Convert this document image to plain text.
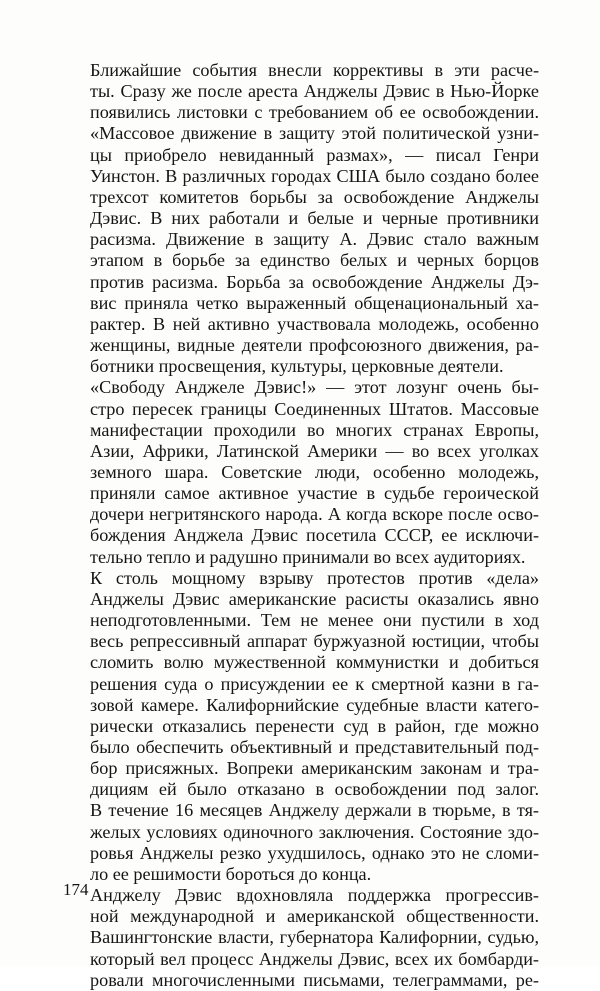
Ближайшие события внесли коррективы в эти расче-
ты. Сразу же после ареста Анджелы Дэвис в Нью-Йорке
появились листовки с требованием об ее освобождении.
«Массовое движение в защиту этой политической узни-
цы приобрело невиданный размах», — писал Генри
Уинстон. В различных городах США было создано более
трехсот комитетов борьбы за освобождение Анджелы
Дэвис. В них работали и белые и черные противники
расизма. Движение в защиту А. Дэвис стало важным
этапом в борьбе за единство белых и черных борцов
против расизма. Борьба за освобождение Анджелы Дэ-
вис приняла четко выраженный общенациональный ха-
рактер. В ней активно участвовала молодежь, особенно
женщины, видные деятели профсоюзного движения, ра-
ботники просвещения, культуры, церковные деятели.

«Свободу Анджеле Дэвис!» — этот лозунг очень бы-
стро пересек границы Соединенных Штатов. Массовые
манифестации проходили во многих странах Европы,
Азии, Африки, Латинской Америки — во всех уголках
земного шара. Советские люди, особенно молодежь,
приняли самое активное участие в судьбе героической
дочери негритянского народа. А когда вскоре после осво-
бождения Анджела Дэвис посетила СССР, ее исключи-
тельно тепло и радушно принимали во всех аудиториях.

К столь мощному взрыву протестов против «дела»
Анджелы Дэвис американские расисты оказались явно
неподготовленными. Тем не менее они пустили в ход
весь репрессивный аппарат буржуазной юстиции, чтобы
сломить волю мужественной коммунистки и добиться
решения суда о присуждении ее к смертной казни в га-
зовой камере. Калифорнийские судебные власти катего-
рически отказались перенести суд в район, где можно
было обеспечить объективный и представительный под-
бор присяжных. Вопреки американским законам и тра-
дициям ей было отказано в освобождении под залог.
В течение 16 месяцев Анджелу держали в тюрьме, в тя-
желых условиях одиночного заключения. Состояние здо-
ровья Анджелы резко ухудшилось, однако это не сломи-
ло ее решимости бороться до конца.

Анджелу Дэвис вдохновляла поддержка прогрессив-
ной международной и американской общественности.
Вашингтонские власти, губернатора Калифорнии, судью,
который вел процесс Анджелы Дэвис, всех их бомбарди-
ровали многочисленными письмами, телеграммами, ре-

174
